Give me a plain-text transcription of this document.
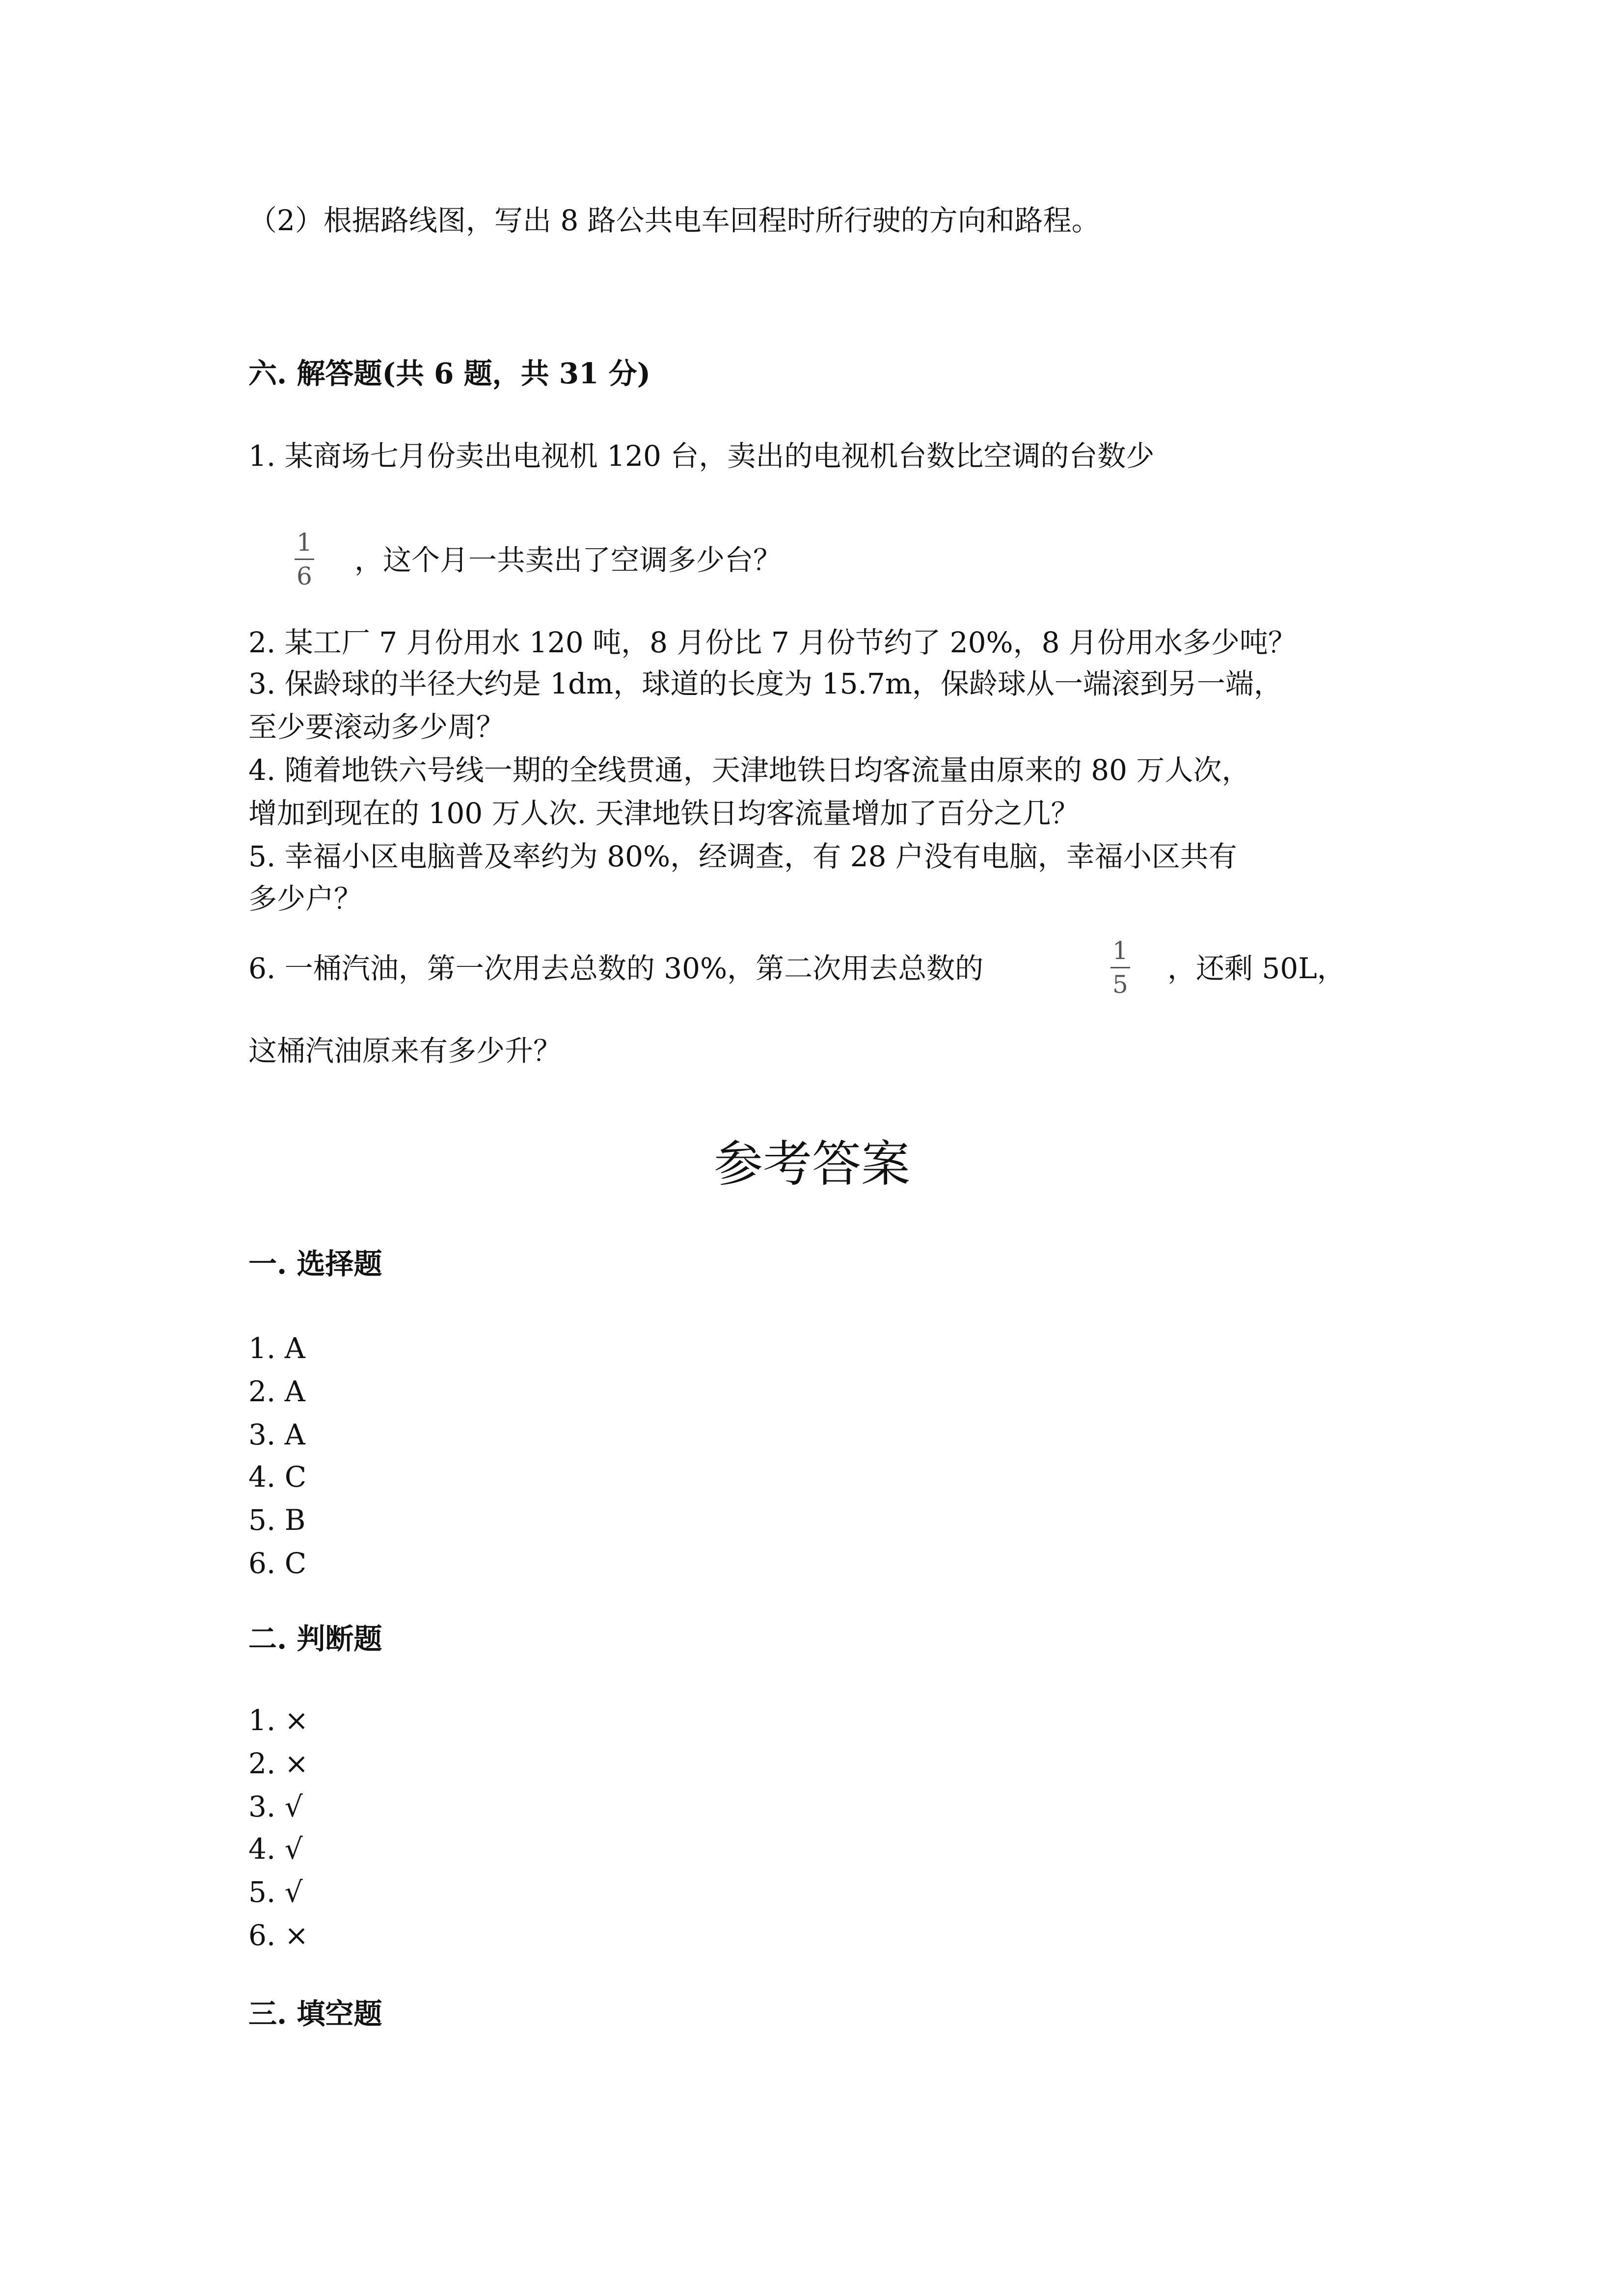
（2）根据路线图，写出 8 路公共电车回程时所行驶的方向和路程。
六. 解答题(共 6 题，共 31 分)
1. 某商场七月份卖出电视机 120 台，卖出的电视机台数比空调的台数少
1
6 ，这个月一共卖出了空调多少台？
2. 某工厂 7 月份用水 120 吨，8 月份比 7 月份节约了 20%，8 月份用水多少吨？
3. 保龄球的半径大约是 1dm，球道的长度为 15.7m，保龄球从一端滚到另一端，
至少要滚动多少周？
4. 随着地铁六号线一期的全线贯通，天津地铁日均客流量由原来的 80 万人次，
增加到现在的 100 万人次. 天津地铁日均客流量增加了百分之几？
5. 幸福小区电脑普及率约为 80%，经调查，有 28 户没有电脑，幸福小区共有
多少户？
6. 一桶汽油，第一次用去总数的 30%，第二次用去总数的
1
5 ，还剩 50L，
这桶汽油原来有多少升？
参考答案
一. 选择题
1. A
2. A
3. A
4. C
5. B
6. C
二. 判断题
1. ×
2. ×
3. √
4. √
5. √
6. ×
三. 填空题
